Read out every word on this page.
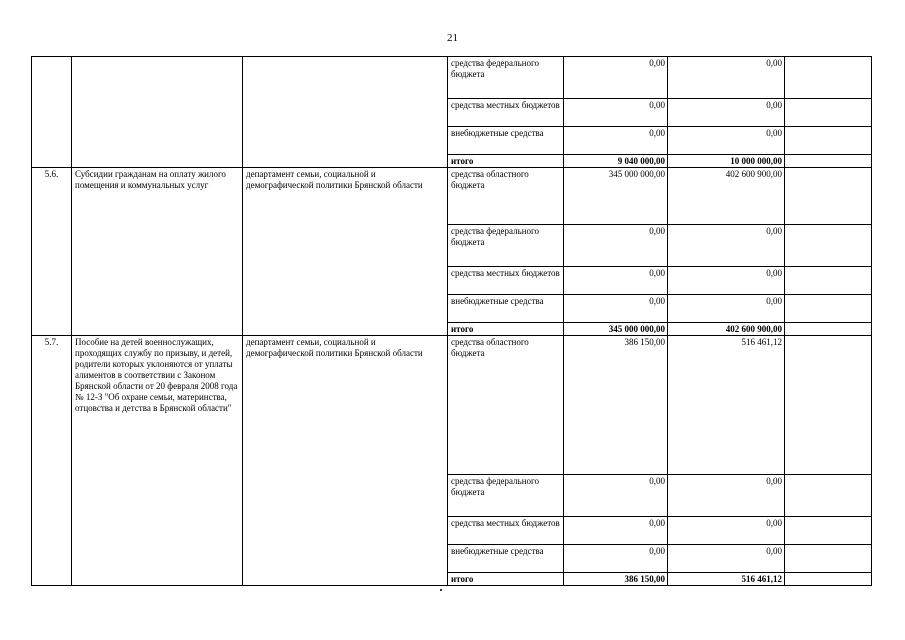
21
			средства федерального бюджета	0,00	0,00	
			средства местных бюджетов	0,00	0,00	
			внебюджетные средства	0,00	0,00	
			итого	9 040 000,00	10 000 000,00	
5.6.	Субсидии гражданам на оплату жилого помещения и коммунальных услуг	департамент семьи, социальной и демографической политики Брянской области	средства областного бюджета	345 000 000,00	402 600 900,00	
			средства федерального бюджета	0,00	0,00	
			средства местных бюджетов	0,00	0,00	
			внебюджетные средства	0,00	0,00	
			итого	345 000 000,00	402 600 900,00	
5.7.	Пособие на детей военнослужащих, проходящих службу по призыву, и детей, родители которых уклоняются от уплаты алиментов в соответствии с Законом Брянской области от 20 февраля 2008 года № 12-З "Об охране семьи, материнства, отцовства и детства в Брянской области"	департамент семьи, социальной и демографической политики Брянской области	средства областного бюджета	386 150,00	516 461,12	
			средства федерального бюджета	0,00	0,00	
			средства местных бюджетов	0,00	0,00	
			внебюджетные средства	0,00	0,00	
			итого	386 150,00	516 461,12	
